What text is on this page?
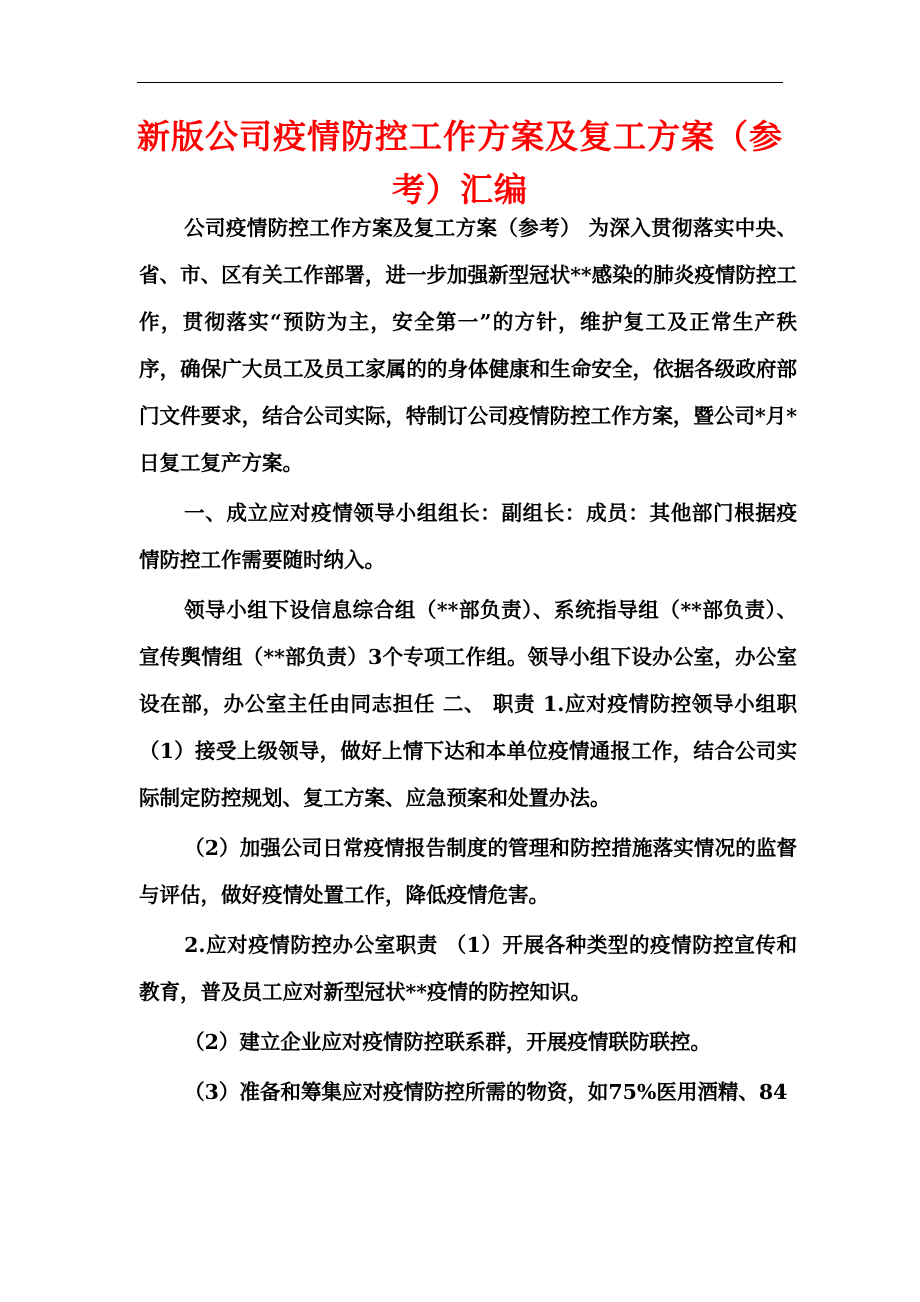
新版公司疫情防控工作方案及复工方案（参考）汇编

公司疫情防控工作方案及复工方案（参考） 为深入贯彻落实中央、省、市、区有关工作部署，进一步加强新型冠状**感染的肺炎疫情防控工作，贯彻落实“预防为主，安全第一”的方针，维护复工及正常生产秩序，确保广大员工及员工家属的的身体健康和生命安全，依据各级政府部门文件要求，结合公司实际，特制订公司疫情防控工作方案，暨公司*月*日复工复产方案。

一、成立应对疫情领导小组组长：副组长：成员：其他部门根据疫情防控工作需要随时纳入。

领导小组下设信息综合组（**部负责）、系统指导组（**部负责）、宣传舆情组（**部负责）3个专项工作组。领导小组下设办公室，办公室设在部，办公室主任由同志担任 二、 职责 1.应对疫情防控领导小组职 （1）接受上级领导，做好上情下达和本单位疫情通报工作，结合公司实际制定防控规划、复工方案、应急预案和处置办法。

（2）加强公司日常疫情报告制度的管理和防控措施落实情况的监督与评估，做好疫情处置工作，降低疫情危害。

2.应对疫情防控办公室职责 （1）开展各种类型的疫情防控宣传和教育，普及员工应对新型冠状**疫情的防控知识。

（2）建立企业应对疫情防控联系群，开展疫情联防联控。

（3）准备和筹集应对疫情防控所需的物资，如75%医用酒精、84
